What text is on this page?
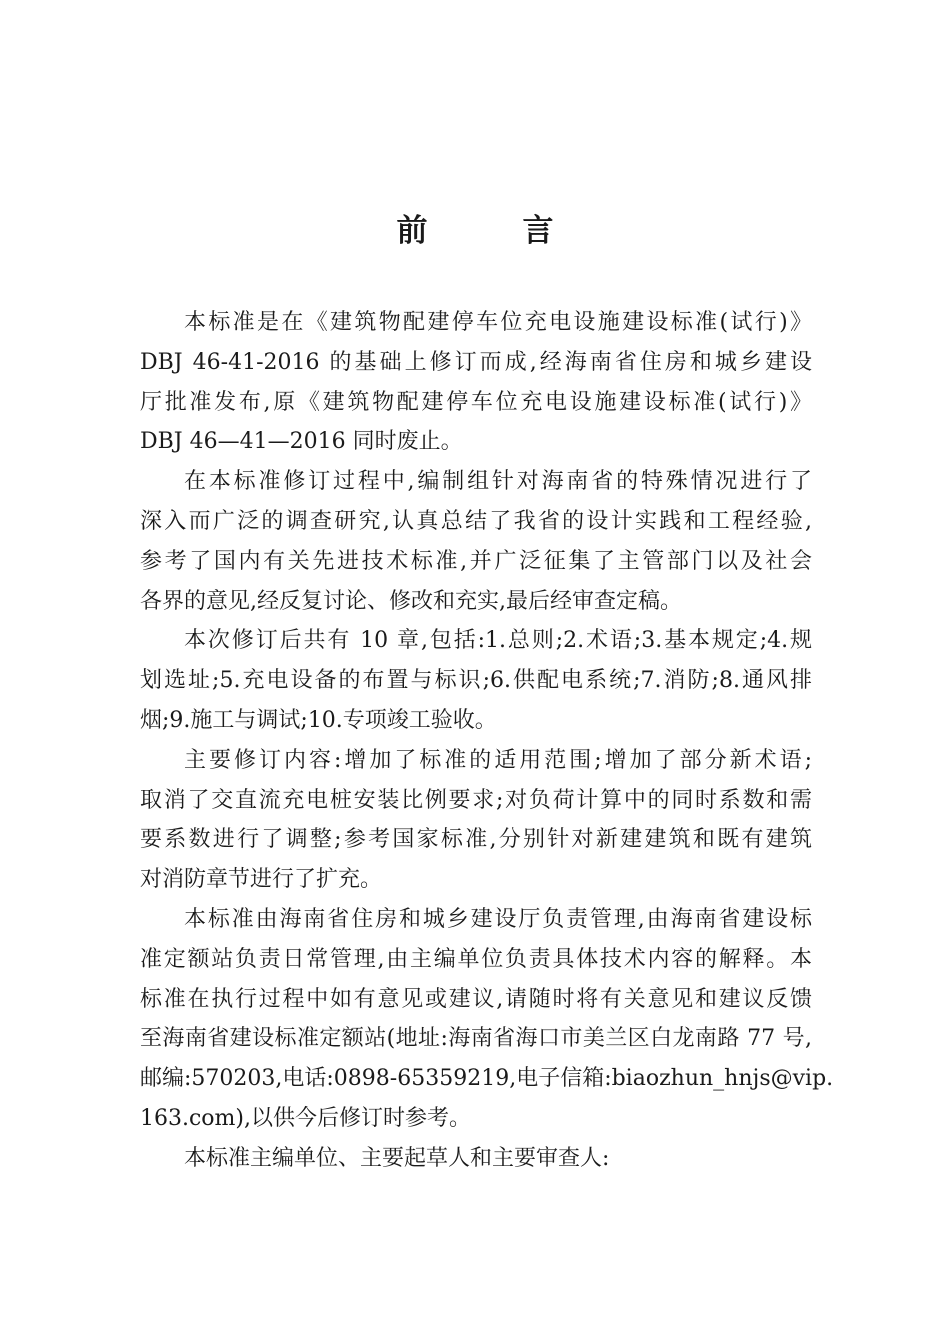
前　言
本标准是在《建筑物配建停车位充电设施建设标准(试行)》
DBJ 46-41-2016 的基础上修订而成,经海南省住房和城乡建设
厅批准发布,原《建筑物配建停车位充电设施建设标准(试行)》
DBJ 46—41—2016 同时废止。
在本标准修订过程中,编制组针对海南省的特殊情况进行了
深入而广泛的调查研究,认真总结了我省的设计实践和工程经验,
参考了国内有关先进技术标准,并广泛征集了主管部门以及社会
各界的意见,经反复讨论、修改和充实,最后经审查定稿。
本次修订后共有 10 章,包括:1.总则;2.术语;3.基本规定;4.规
划选址;5.充电设备的布置与标识;6.供配电系统;7.消防;8.通风排
烟;9.施工与调试;10.专项竣工验收。
主要修订内容:增加了标准的适用范围;增加了部分新术语;
取消了交直流充电桩安装比例要求;对负荷计算中的同时系数和需
要系数进行了调整;参考国家标准,分别针对新建建筑和既有建筑
对消防章节进行了扩充。
本标准由海南省住房和城乡建设厅负责管理,由海南省建设标
准定额站负责日常管理,由主编单位负责具体技术内容的解释。本
标准在执行过程中如有意见或建议,请随时将有关意见和建议反馈
至海南省建设标准定额站(地址:海南省海口市美兰区白龙南路 77 号,
邮编:570203,电话:0898-65359219,电子信箱:biaozhun_hnjs@vip.
163.com),以供今后修订时参考。
本标准主编单位、主要起草人和主要审查人:
